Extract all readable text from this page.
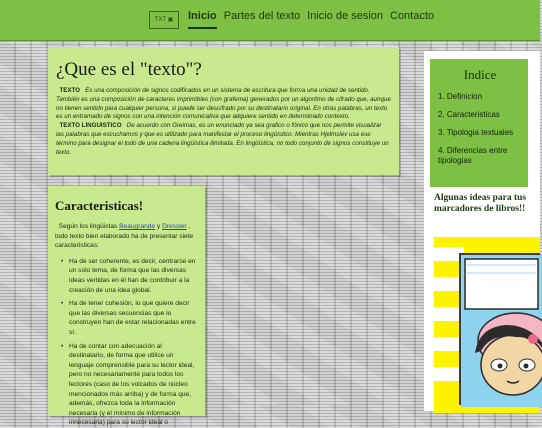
TXT ▣	Inicio Partes del texto Inicio de sesion Contacto
¿Que es el "texto"?

TEXTO Es una composición de signos codificados en un sistema de escritura que forma una unidad de sentido. También es una composición de caracteres imprimibles (con grafema) generados por un algoritmo de cifrado que, aunque no tienen sentido para cualquier persona, si puede ser descifrado por su destinatario original. En otras palabras, un texto es un entramado de signos con una intención comunicativa que adquiere sentido en determinado contexto.

TEXTO LINGUISTICO De acuerdo con Greimas, es un enunciado ya sea grafico o fónico que nos permite visualizar las palabras que escuchamos y que es utilizado para manifestar el proceso lingüístico. Mientras Hjelmslev usa ese término para designar el todo de una cadena lingüística ilimitada. En lingüística, no todo conjunto de signos constituye un texto.

Caracteristicas!

Según los lingüistas Beaugrande y Dressler , todo texto bien elaborado ha de presentar siete caracteristicas:

• Ha de ser coherente, es decir, centrarse en un solo tema, de forma que las diversas ideas vertidas en él han de contribuir a la creación de una idea global.
• Ha de tener cohesión, lo que quiere decir que las diversas secuencias que lo construyen han de estar relacionadas entre sí.
• Ha de contar con adecuación al destinatario, de forma que utilice un lenguaje comprensible para su lector ideal, pero no necesariamente para todos los lectores (caso de los volcados de núcleo mencionados más arriba) y de forma que, además, ofrezca toda la información necesaria (y el mínimo de información innecesaria) para su lector ideal o
Indice
1. Definicion
2. Caracteristicas
3. Tipologia textuales
4. Diferencias entre tipologias
Algunas ideas para tus marcadores de libros!!
